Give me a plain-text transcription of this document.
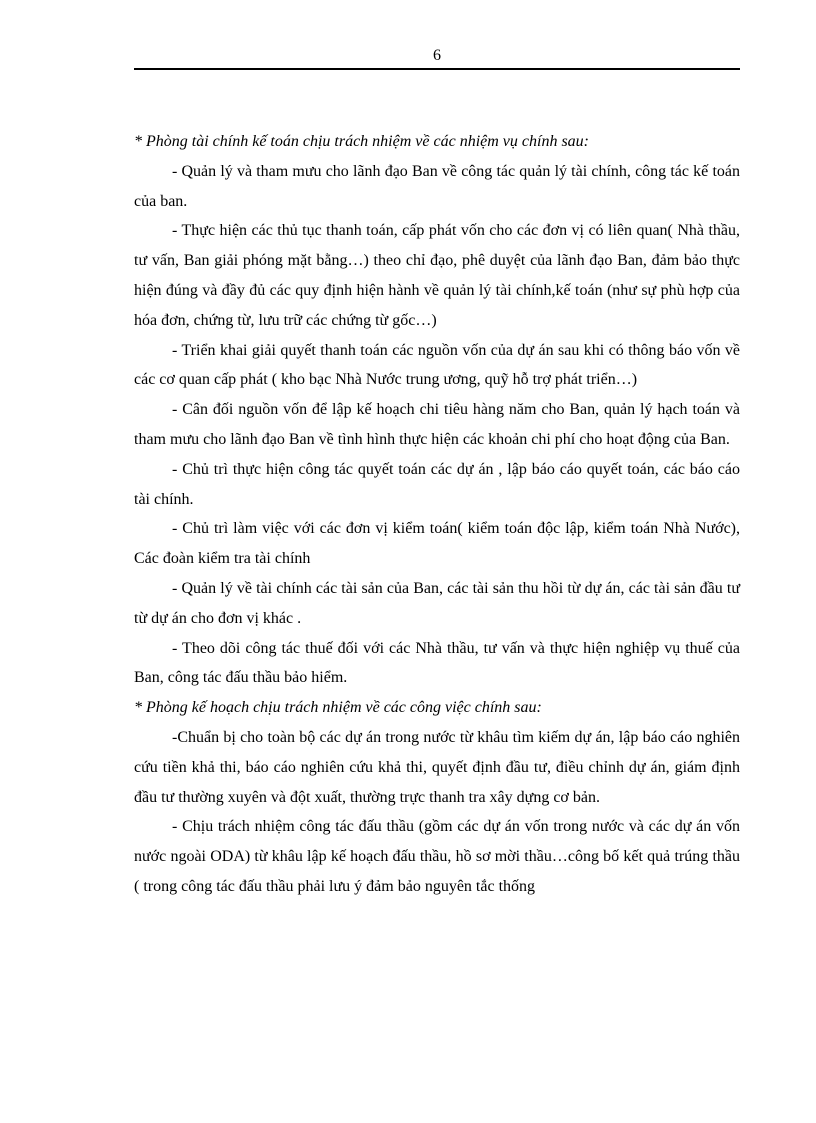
6

* Phòng tài chính kế toán chịu trách nhiệm về các nhiệm vụ chính sau:

- Quản lý và tham mưu cho lãnh đạo Ban về công tác quản lý tài chính, công tác kế toán của ban.

- Thực hiện các thủ tục thanh toán, cấp phát vốn cho các đơn vị có liên quan( Nhà thầu, tư vấn, Ban giải phóng mặt bằng…) theo chỉ đạo, phê duyệt của lãnh đạo Ban, đảm bảo thực hiện đúng và đầy đủ các quy định hiện hành về quản lý tài chính,kế toán (như sự phù hợp của hóa đơn, chứng từ, lưu trữ các chứng từ gốc…)

- Triển khai giải quyết thanh toán các nguồn vốn của dự án sau khi có thông báo vốn về các cơ quan cấp phát ( kho bạc Nhà Nước trung ương, quỹ hỗ trợ phát triển…)

- Cân đối nguồn vốn để lập kế hoạch chi tiêu hàng năm cho Ban, quản lý hạch toán và tham mưu cho lãnh đạo Ban về tình hình thực hiện các khoản chi phí cho hoạt động của Ban.

- Chủ trì thực hiện công tác quyết toán các dự án , lập báo cáo quyết toán, các báo cáo tài chính.

- Chủ trì làm việc với các đơn vị kiểm toán( kiểm toán độc lập, kiểm toán Nhà Nước), Các đoàn kiểm tra tài chính

- Quản lý về tài chính các tài sản của Ban, các tài sản thu hồi từ dự án, các tài sản đầu tư từ dự án cho đơn vị khác .

- Theo dõi công tác thuế đối với các Nhà thầu, tư vấn và thực hiện nghiệp vụ thuế của Ban, công tác đấu thầu bảo hiểm.

* Phòng kế hoạch chịu trách nhiệm về các công việc chính sau:

-Chuẩn bị cho toàn bộ các dự án trong nước từ khâu tìm kiếm dự án, lập báo cáo nghiên cứu tiền khả thi, báo cáo nghiên cứu khả thi, quyết định đầu tư, điều chỉnh dự án, giám định đầu tư thường xuyên và đột xuất, thường trực thanh tra xây dựng cơ bản.

- Chịu trách nhiệm công tác đấu thầu (gồm các dự án vốn trong nước và các dự án vốn nước ngoài ODA) từ khâu lập kế hoạch đấu thầu, hồ sơ mời thầu…công bố kết quả trúng thầu ( trong công tác đấu thầu phải lưu ý đảm bảo nguyên tắc thống
